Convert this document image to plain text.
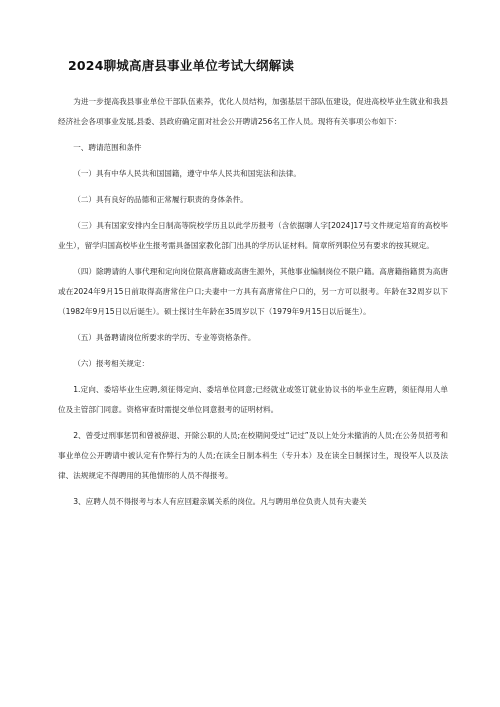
2024聊城高唐县事业单位考试大纲解读

为进一步提高我县事业单位干部队伍素养，优化人员结构，加强基层干部队伍建设，促进高校毕业生就业和我县经济社会各项事业发展,县委、县政府确定面对社会公开聘请256名工作人员。现将有关事项公布如下：

一、聘请范围和条件

（一）具有中华人民共和国国籍，遵守中华人民共和国宪法和法律。

（二）具有良好的品德和正常履行职责的身体条件。

（三）具有国家安排内全日制高等院校学历且以此学历报考（含依据聊人字[2024]17号文件规定培育的高校毕业生），留学归国高校毕业生报考需具备国家教化部门出具的学历认证材料。简章所列职位另有要求的按其规定。

（四）除聘请的人事代理和定向岗位限高唐籍或高唐生源外，其他事业编制岗位不限户籍。高唐籍指籍贯为高唐或在2024年9月15日前取得高唐常住户口;夫妻中一方具有高唐常住户口的，另一方可以报考。年龄在32周岁以下（1982年9月15日以后诞生）。硕士探讨生年龄在35周岁以下（1979年9月15日以后诞生）。

（五）具备聘请岗位所要求的学历、专业等资格条件。

（六）报考相关规定：

1.定向、委培毕业生应聘,须征得定向、委培单位同意;已经就业或签订就业协议书的毕业生应聘，须征得用人单位及主管部门同意。资格审查时需提交单位同意报考的证明材料。

2、曾受过刑事惩罚和曾被辞退、开除公职的人员;在校期间受过“记过”及以上处分未撤消的人员;在公务员招考和事业单位公开聘请中被认定有作弊行为的人员;在读全日制本科生（专升本）及在读全日制探讨生，现役军人以及法律、法规规定不得聘用的其他情形的人员不得报考。

3、应聘人员不得报考与本人有应回避亲属关系的岗位。凡与聘用单位负责人员有夫妻关
